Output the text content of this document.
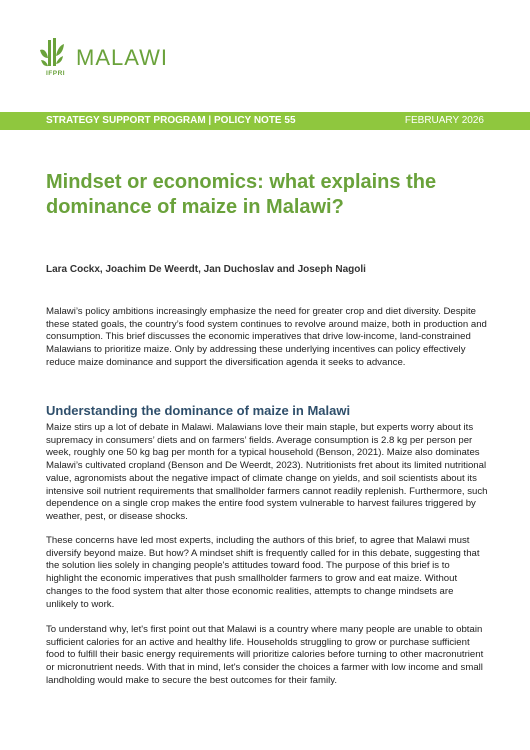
MALAWI
IFPRI
STRATEGY SUPPORT PROGRAM | POLICY NOTE 55	FEBRUARY 2026
Mindset or economics: what explains the dominance of maize in Malawi?
Lara Cockx, Joachim De Weerdt, Jan Duchoslav and Joseph Nagoli

Malawi’s policy ambitions increasingly emphasize the need for greater crop and diet diversity. Despite these stated goals, the country’s food system continues to revolve around maize, both in production and consumption. This brief discusses the economic imperatives that drive low-income, land-constrained Malawians to prioritize maize. Only by addressing these underlying incentives can policy effectively reduce maize dominance and support the diversification agenda it seeks to advance.

Understanding the dominance of maize in Malawi

Maize stirs up a lot of debate in Malawi. Malawians love their main staple, but experts worry about its supremacy in consumers’ diets and on farmers’ fields. Average consumption is 2.8 kg per person per week, roughly one 50 kg bag per month for a typical household (Benson, 2021). Maize also dominates Malawi’s cultivated cropland (Benson and De Weerdt, 2023). Nutritionists fret about its limited nutritional value, agronomists about the negative impact of climate change on yields, and soil scientists about its intensive soil nutrient requirements that smallholder farmers cannot readily replenish. Furthermore, such dependence on a single crop makes the entire food system vulnerable to harvest failures triggered by weather, pest, or disease shocks.

These concerns have led most experts, including the authors of this brief, to agree that Malawi must diversify beyond maize. But how? A mindset shift is frequently called for in this debate, suggesting that the solution lies solely in changing people's attitudes toward food. The purpose of this brief is to highlight the economic imperatives that push smallholder farmers to grow and eat maize. Without changes to the food system that alter those economic realities, attempts to change mindsets are unlikely to work.

To understand why, let's first point out that Malawi is a country where many people are unable to obtain sufficient calories for an active and healthy life. Households struggling to grow or purchase sufficient food to fulfill their basic energy requirements will prioritize calories before turning to other macronutrient or micronutrient needs. With that in mind, let's consider the choices a farmer with low income and small landholding would make to secure the best outcomes for their family.
